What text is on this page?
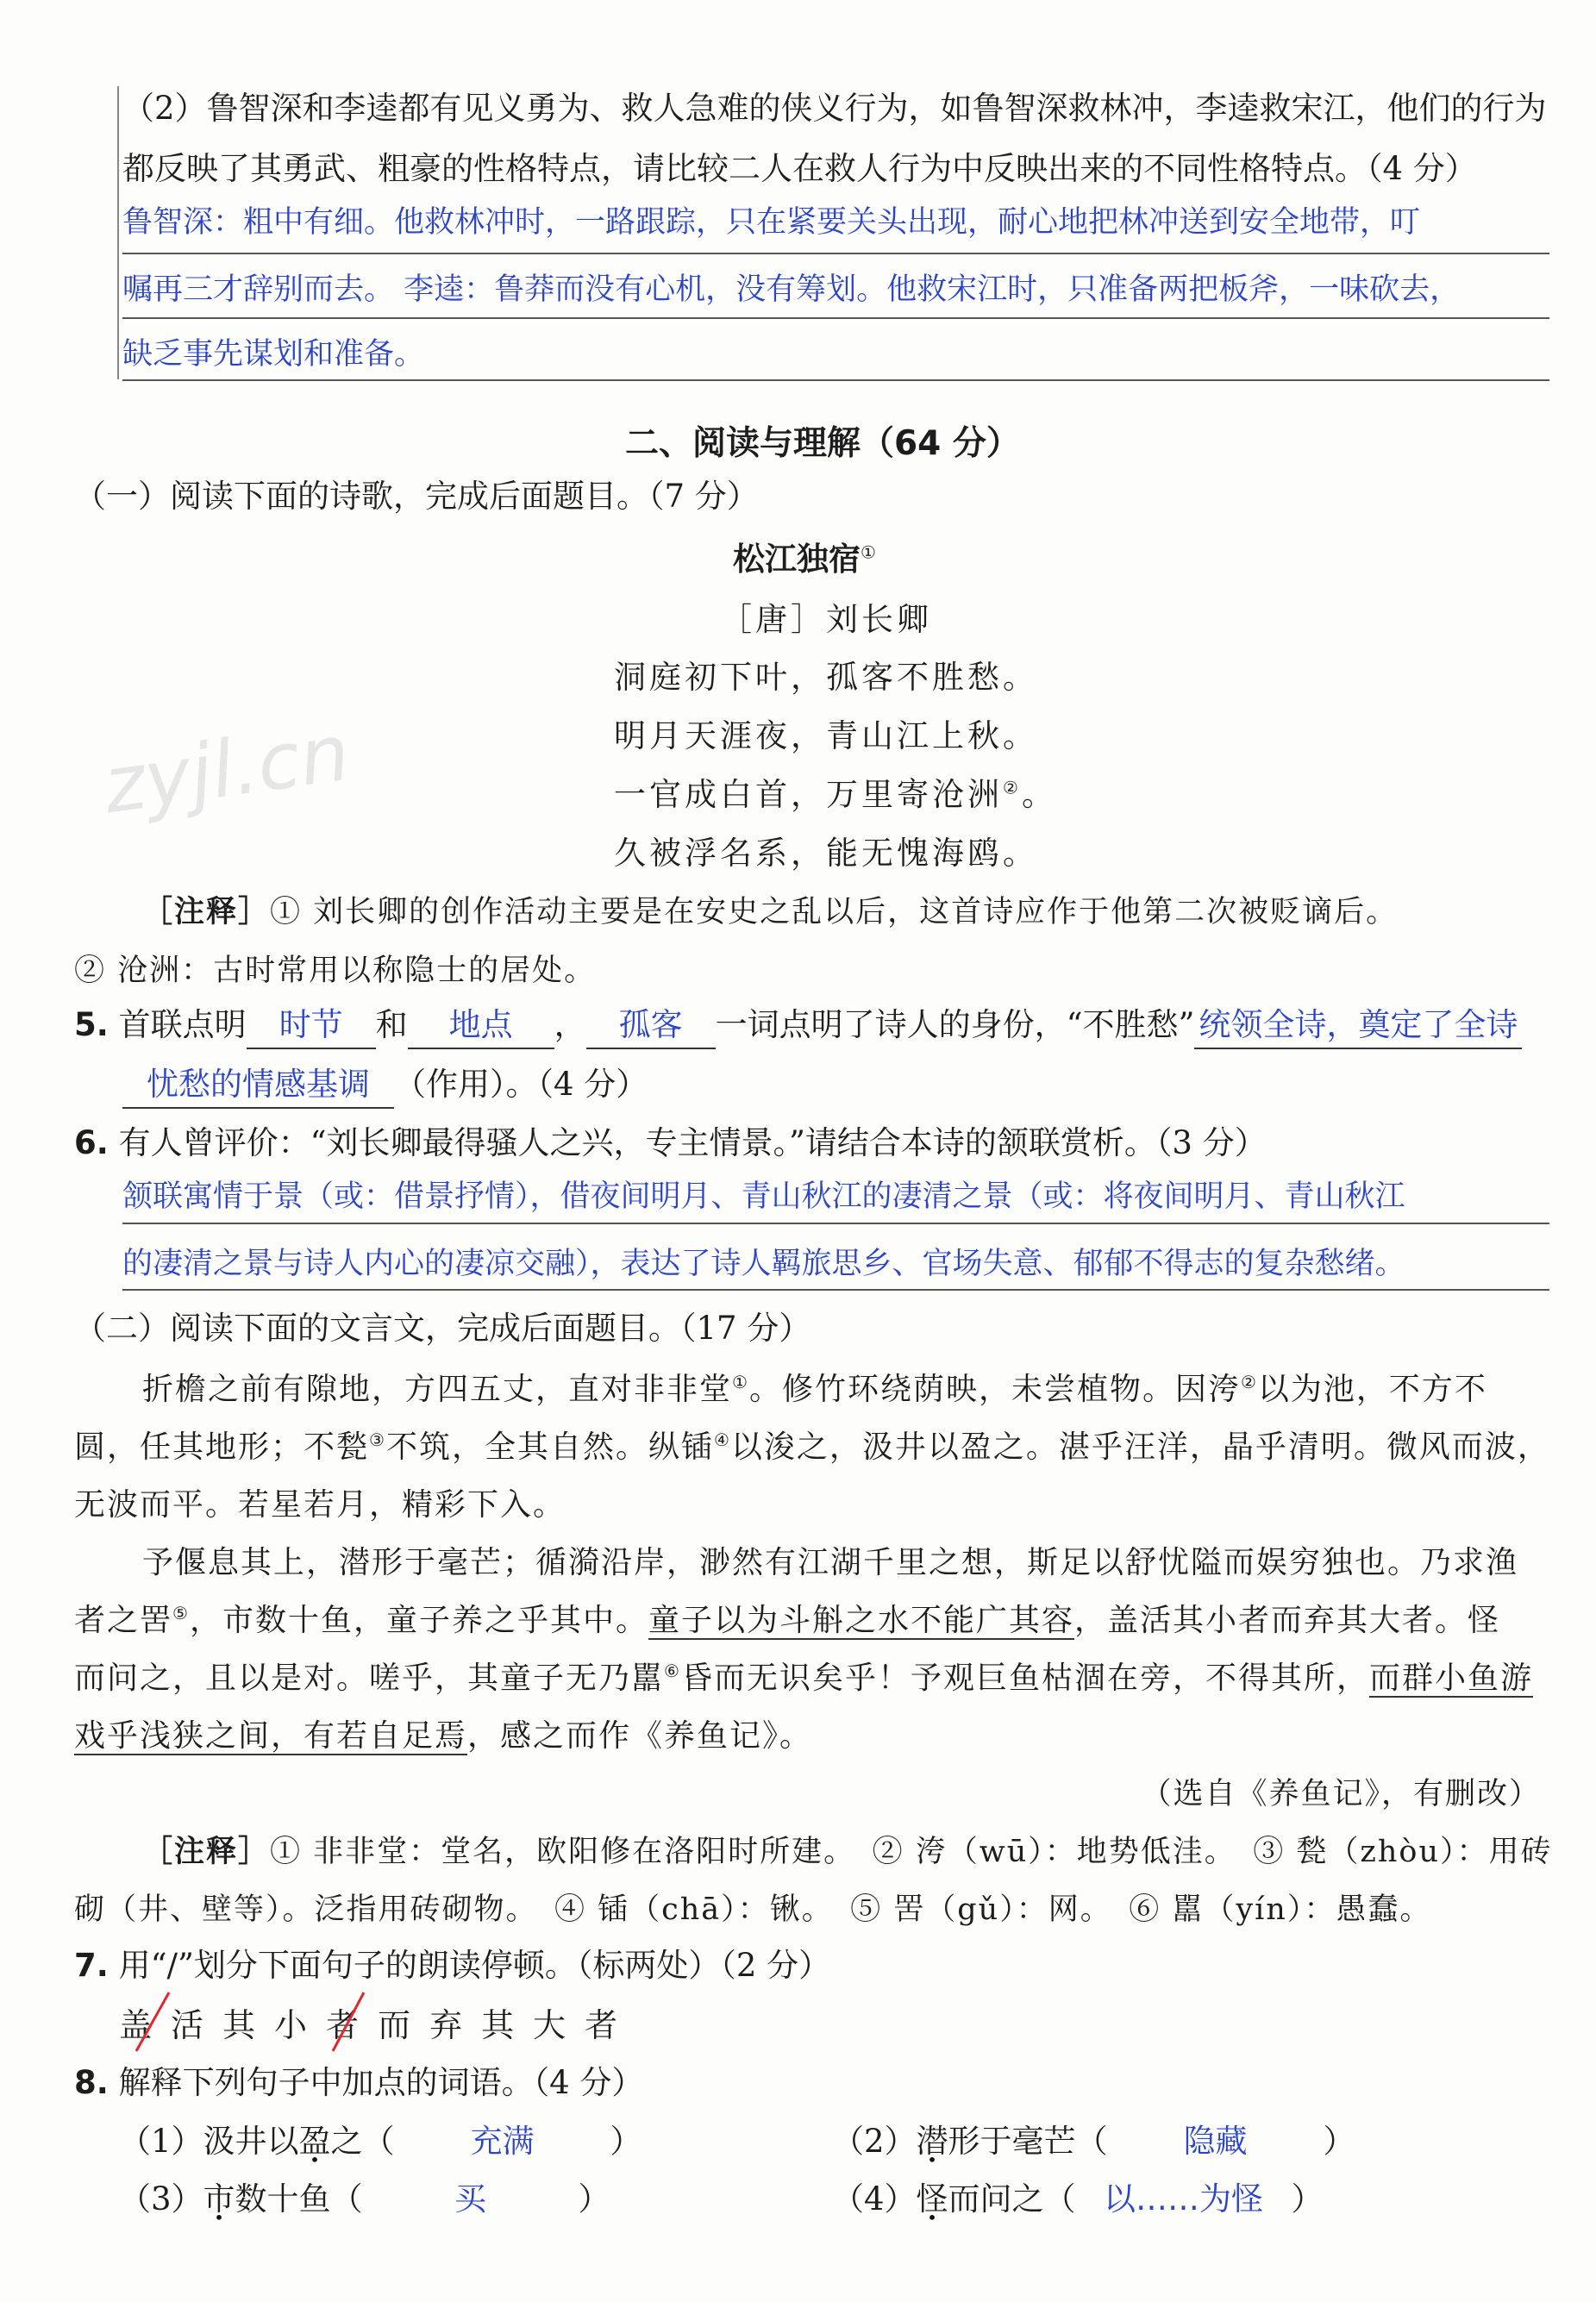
（2）鲁智深和李逵都有见义勇为、救人急难的侠义行为，如鲁智深救林冲，李逵救宋江，他们的行为
都反映了其勇武、粗豪的性格特点，请比较二人在救人行为中反映出来的不同性格特点。（4 分）
鲁智深：粗中有细。他救林冲时，一路跟踪，只在紧要关头出现，耐心地把林冲送到安全地带，叮
嘱再三才辞别而去。 李逵：鲁莽而没有心机，没有筹划。他救宋江时，只准备两把板斧，一味砍去，
缺乏事先谋划和准备。
二、阅读与理解（64 分）
（一）阅读下面的诗歌，完成后面题目。（7 分）
松江独宿①
［唐］刘长卿
洞庭初下叶，孤客不胜愁。
明月天涯夜，青山江上秋。
一官成白首，万里寄沧洲②。
久被浮名系，能无愧海鸥。
zyjl.cn
［注释］① 刘长卿的创作活动主要是在安史之乱以后，这首诗应作于他第二次被贬谪后。
② 沧洲：古时常用以称隐士的居处。
5. 首联点明 时节 和 地点 ， 孤客 一词点明了诗人的身份，“不胜愁” 统领全诗，奠定了全诗
忧愁的情感基调 （作用）。（4 分）
6. 有人曾评价：“刘长卿最得骚人之兴，专主情景。”请结合本诗的颔联赏析。（3 分）
颔联寓情于景（或：借景抒情），借夜间明月、青山秋江的凄清之景（或：将夜间明月、青山秋江
的凄清之景与诗人内心的凄凉交融），表达了诗人羁旅思乡、官场失意、郁郁不得志的复杂愁绪。
（二）阅读下面的文言文，完成后面题目。（17 分）
折檐之前有隙地，方四五丈，直对非非堂①。修竹环绕荫映，未尝植物。因洿②以为池，不方不
圆，任其地形；不甃③不筑，全其自然。纵锸④以浚之，汲井以盈之。湛乎汪洋，晶乎清明。微风而波，
无波而平。若星若月，精彩下入。
予偃息其上，潜形于毫芒；循漪沿岸，渺然有江湖千里之想，斯足以舒忧隘而娱穷独也。乃求渔
者之罟⑤，市数十鱼，童子养之乎其中。童子以为斗斛之水不能广其容，盖活其小者而弃其大者。怪
而问之，且以是对。嗟乎，其童子无乃嚚⑥昏而无识矣乎！予观巨鱼枯涸在旁，不得其所，而群小鱼游
戏乎浅狭之间，有若自足焉，感之而作《养鱼记》。
（选自《养鱼记》，有删改）
［注释］① 非非堂：堂名，欧阳修在洛阳时所建。　② 洿（wū）：地势低洼。　③ 甃（zhòu）：用砖
砌（井、壁等）。泛指用砖砌物。　④ 锸（chā）：锹。　⑤ 罟（gǔ）：网。　⑥ 嚚（yín）：愚蠢。
7. 用“/”划分下面句子的朗读停顿。（标两处）（2 分）
盖活其小者而弃其大者
8. 解释下列句子中加点的词语。（4 分）
（1）汲井以盈之（ 充满 ）	（2）潜形于毫芒（ 隐藏 ）
（3）市数十鱼（	买	）	（4）怪而问之（ 以……为怪 ）
